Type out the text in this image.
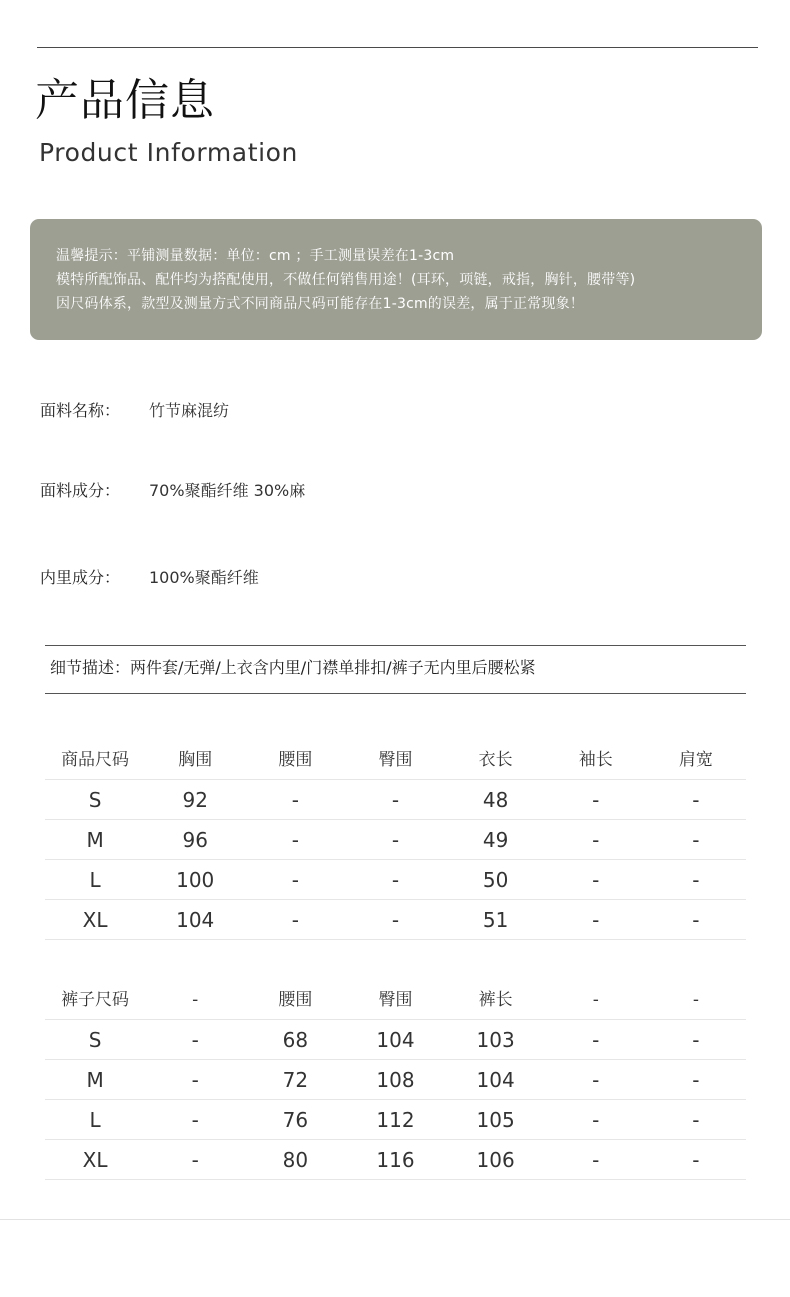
产品信息
Product Information
温馨提示：平铺测量数据：单位：cm ；手工测量误差在1-3cm
模特所配饰品、配件均为搭配使用，不做任何销售用途！(耳环，项链，戒指，胸针，腰带等)
因尺码体系，款型及测量方式不同商品尺码可能存在1-3cm的误差，属于正常现象！
面料名称： 竹节麻混纺
面料成分： 70%聚酯纤维 30%麻
内里成分： 100%聚酯纤维
细节描述：两件套/无弹/上衣含内里/门襟单排扣/裤子无内里后腰松紧
商品尺码	胸围	腰围	臀围	衣长	袖长	肩宽
S	92	-	-	48	-	-
M	96	-	-	49	-	-
L	100	-	-	50	-	-
XL	104	-	-	51	-	-
裤子尺码	-	腰围	臀围	裤长	-	-
S	-	68	104	103	-	-
M	-	72	108	104	-	-
L	-	76	112	105	-	-
XL	-	80	116	106	-	-
